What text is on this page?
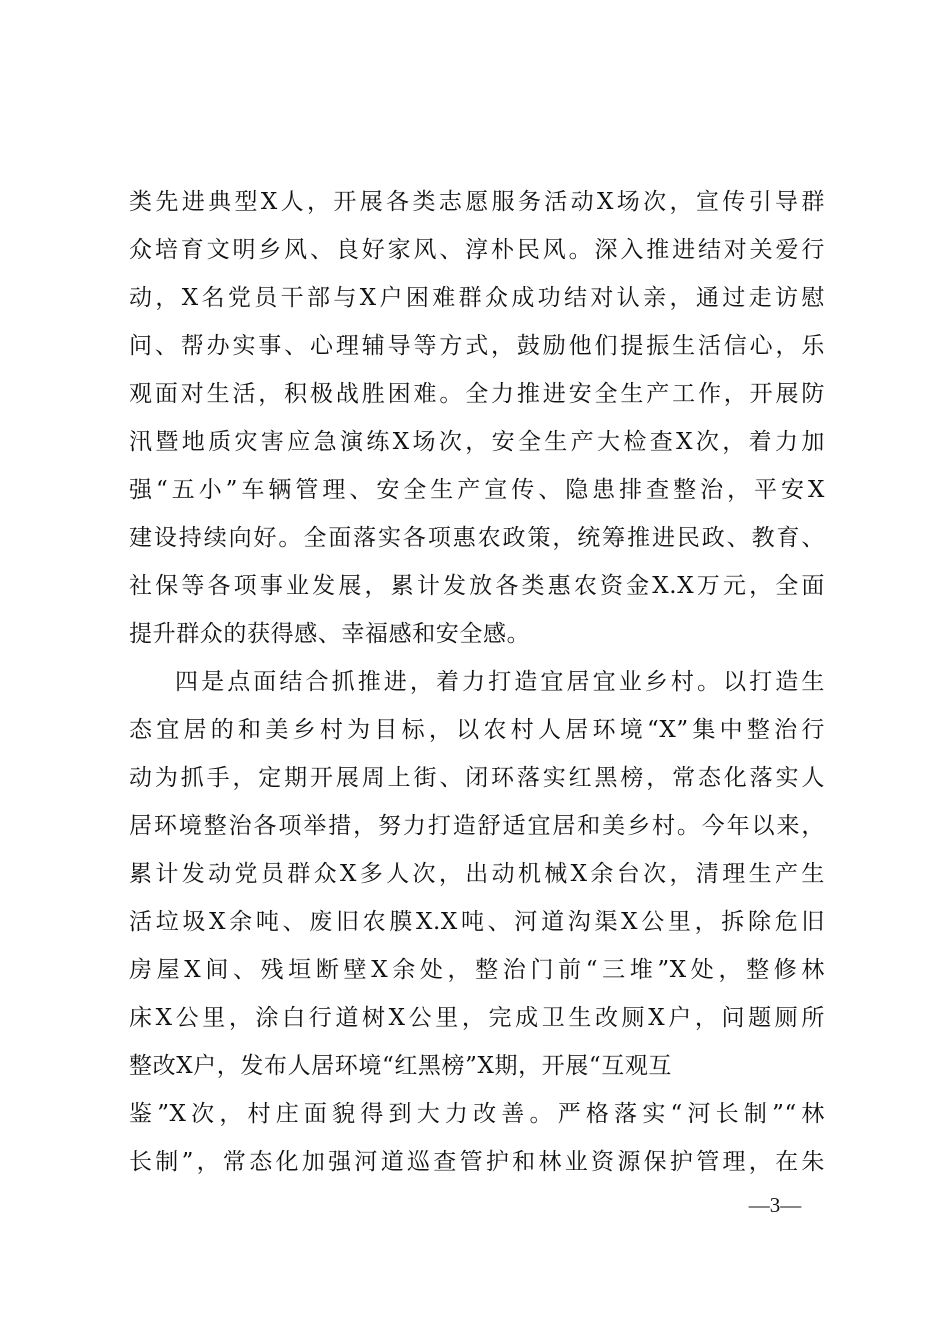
类先进典型X人，开展各类志愿服务活动X场次，宣传引导群
众培育文明乡风、良好家风、淳朴民风。深入推进结对关爱行
动，X名党员干部与X户困难群众成功结对认亲，通过走访慰
问、帮办实事、心理辅导等方式，鼓励他们提振生活信心，乐
观面对生活，积极战胜困难。全力推进安全生产工作，开展防
汛暨地质灾害应急演练X场次，安全生产大检查X次，着力加
强“五小”车辆管理、安全生产宣传、隐患排查整治，平安X
建设持续向好。全面落实各项惠农政策，统筹推进民政、教育、
社保等各项事业发展，累计发放各类惠农资金X.X万元，全面
提升群众的获得感、幸福感和安全感。
四是点面结合抓推进，着力打造宜居宜业乡村。以打造生
态宜居的和美乡村为目标，以农村人居环境“X”集中整治行
动为抓手，定期开展周上街、闭环落实红黑榜，常态化落实人
居环境整治各项举措，努力打造舒适宜居和美乡村。今年以来，
累计发动党员群众X多人次，出动机械X余台次，清理生产生
活垃圾X余吨、废旧农膜X.X吨、河道沟渠X公里，拆除危旧
房屋X间、残垣断壁X余处，整治门前“三堆”X处，整修林
床X公里，涂白行道树X公里，完成卫生改厕X户，问题厕所
整改X户，发布人居环境“红黑榜”X期，开展“互观互
鉴”X次，村庄面貌得到大力改善。严格落实“河长制”“林
长制”，常态化加强河道巡查管护和林业资源保护管理，在朱
—3—
